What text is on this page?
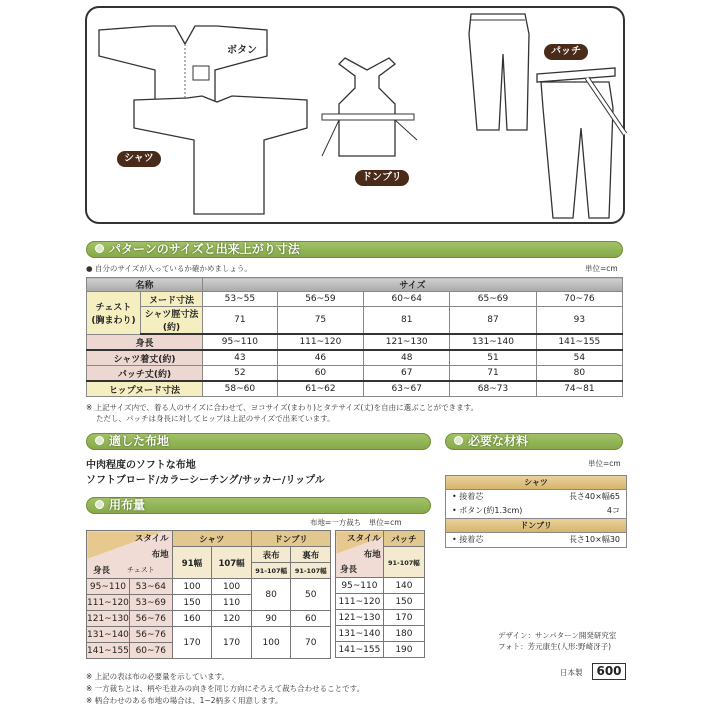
ボタン
シャツ
ドンブリ
パッチ
パターンのサイズと出来上がり寸法
● 自分のサイズが入っているか確かめましょう。	単位=cm
名称		サイズ				

チェスト
(胸まわり)	ヌード寸法	53~55	56~59	60~64	65~69	70~76
	シャツ脛寸法(約)	71	75	81	87	93
身長		95~110	111~120	121~130	131~140	141~155
シャツ着丈(約)		43	46	48	51	54
パッチ丈(約)		52	60	67	71	80
ヒップヌード寸法		58~60	61~62	63~67	68~73	74~81
※ 上記サイズ内で、着る人のサイズに合わせて、ヨコサイズ(まわり)とタテサイズ(丈)を自由に選ぶことができます。
ただし、パッチは身長に対してヒップは上記のサイズで出来ています。
適した布地
中肉程度のソフトな布地
ソフトブロード/カラーシーチング/サッカー/リップル
必要な材料
単位=cm
シャツ
• 接着芯	長さ40×幅65
• ボタン(約1.3cm)	4コ
ドンブリ
• 接着芯	長さ10×幅30
用布量
布地=一方裁ち　単位=cm
スタイル
布地
身長 チェスト		シャツ		ドンブリ	
		91幅	107幅	表布	裏布
				91-107幅	91-107幅
95~110	53~64	100	100	80	50
111~120	53~69	150	110		
121~130	56~76	160	120	90	60
131~140	56~76	170	170	100	70
141~155	60~76				
スタイル
布地
身長	パッチ
	91-107幅
95~110	140
111~120	150
121~130	170
131~140	180
141~155	190
※ 上記の表は布の必要量を示しています。
※ 一方裁ちとは、柄や毛並みの向きを同じ方向にそろえて裁ち合わせることです。
※ 柄合わせのある布地の場合は、1~2柄多く用意します。
デザイン：サンパターン開発研究室
フォト：芳元康生(人形:野崎冴子)
日本製	600
